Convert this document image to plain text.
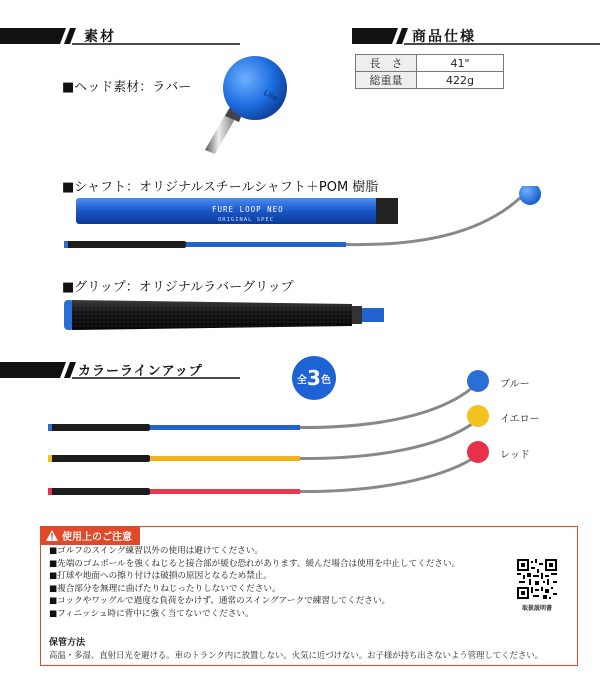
素材	商品仕様
長　さ	41"
総重量	422g
■ヘッド素材：ラバー
Lite
■シャフト：オリジナルスチールシャフト＋POM 樹脂
FURE LOOP NEO
ORIGINAL SPEC
■グリップ：オリジナルラバーグリップ
カラーラインアップ
全 3 色	ブルー
イエロー
レッド
使用上のご注意
■ゴルフのスイング練習以外の使用は避けてください。
■先端のゴムボールを強くねじると接合部が緩む恐れがあります。緩んだ場合は使用を中止してください。
■打球や地面への擦り付けは破損の原因となるため禁止。
■複合部分を無理に曲げたりねじったりしないでください。
■コックやワッグルで過度な負荷をかけず、通常のスイングアークで練習してください。
■フィニッシュ時に背中に強く当てないでください。
保管方法
高温・多湿、直射日光を避ける。車のトランク内に放置しない。火気に近づけない。お子様が持ち出さないよう管理してください。
取扱説明書
